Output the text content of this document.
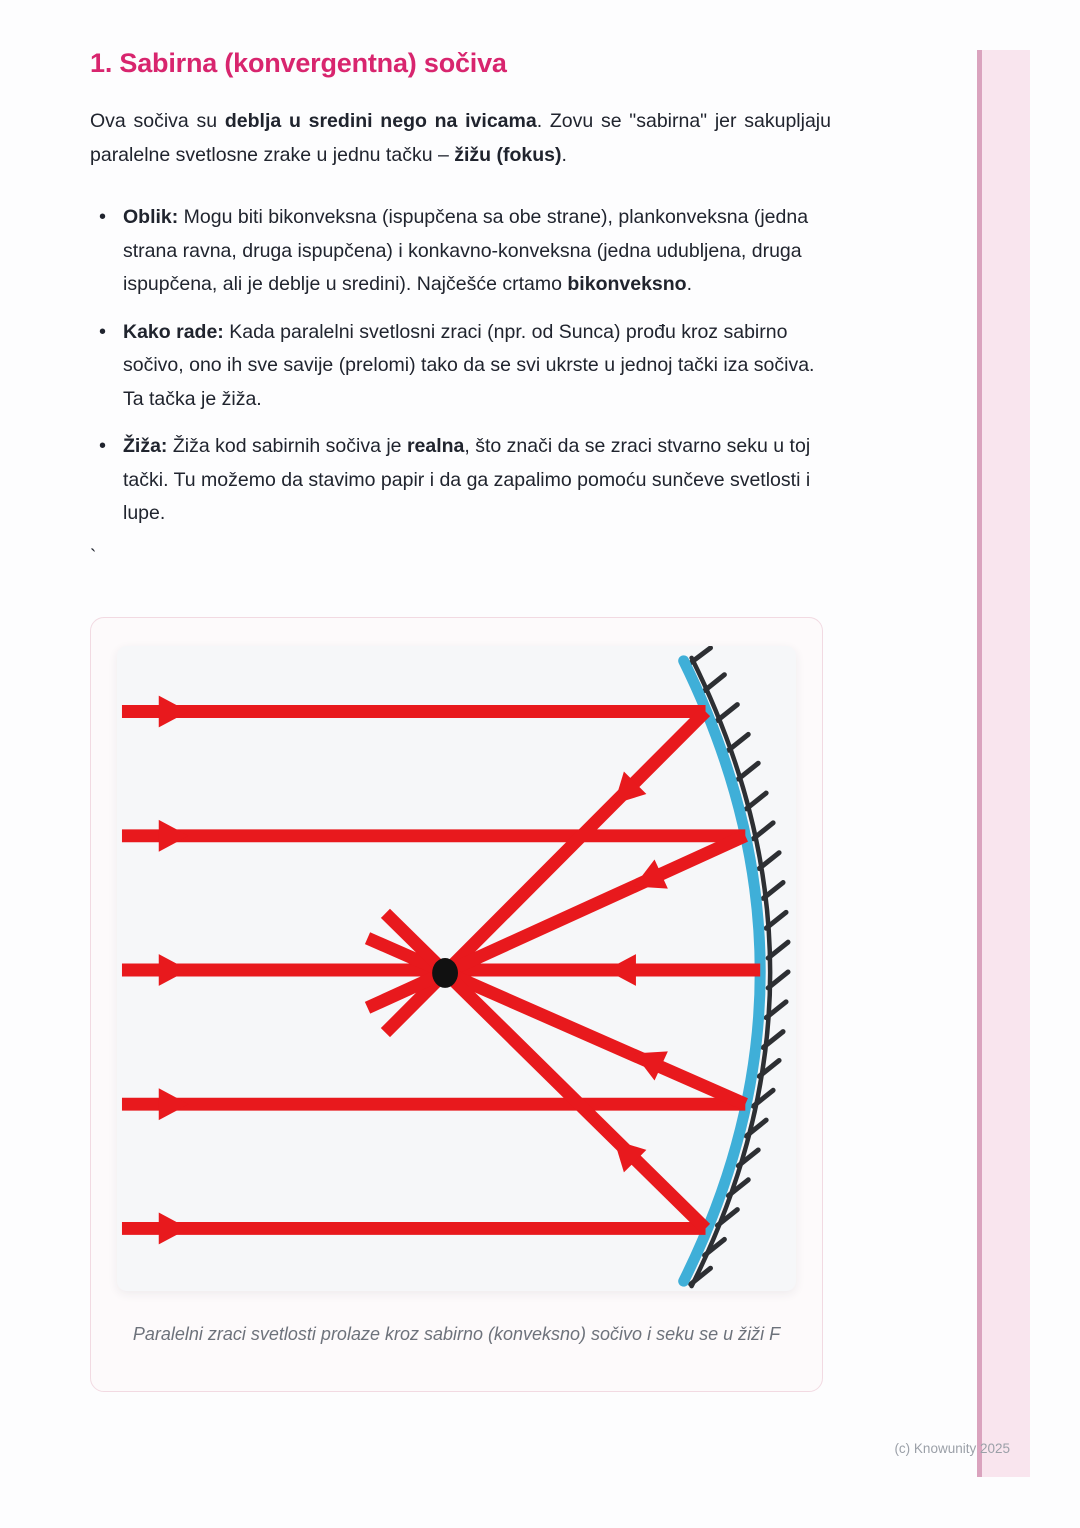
1. Sabirna (konvergentna) sočiva

Ova sočiva su deblja u sredini nego na ivicama. Zovu se "sabirna" jer sakupljaju paralelne svetlosne zrake u jednu tačku – žižu (fokus).

• Oblik: Mogu biti bikonveksna (ispupčena sa obe strane), plankonveksna (jedna strana ravna, druga ispupčena) i konkavno-konveksna (jedna udubljena, druga ispupčena, ali je deblje u sredini). Najčešće crtamo bikonveksno.
• Kako rade: Kada paralelni svetlosni zraci (npr. od Sunca) prođu kroz sabirno sočivo, ono ih sve savije (prelomi) tako da se svi ukrste u jednoj tački iza sočiva. Ta tačka je žiža.
• Žiža: Žiža kod sabirnih sočiva je realna, što znači da se zraci stvarno seku u toj tački. Tu možemo da stavimo papir i da ga zapalimo pomoću sunčeve svetlosti i lupe.

`

Paralelni zraci svetlosti prolaze kroz sabirno (konveksno) sočivo i seku se u žiži F
(c) Knowunity 2025
